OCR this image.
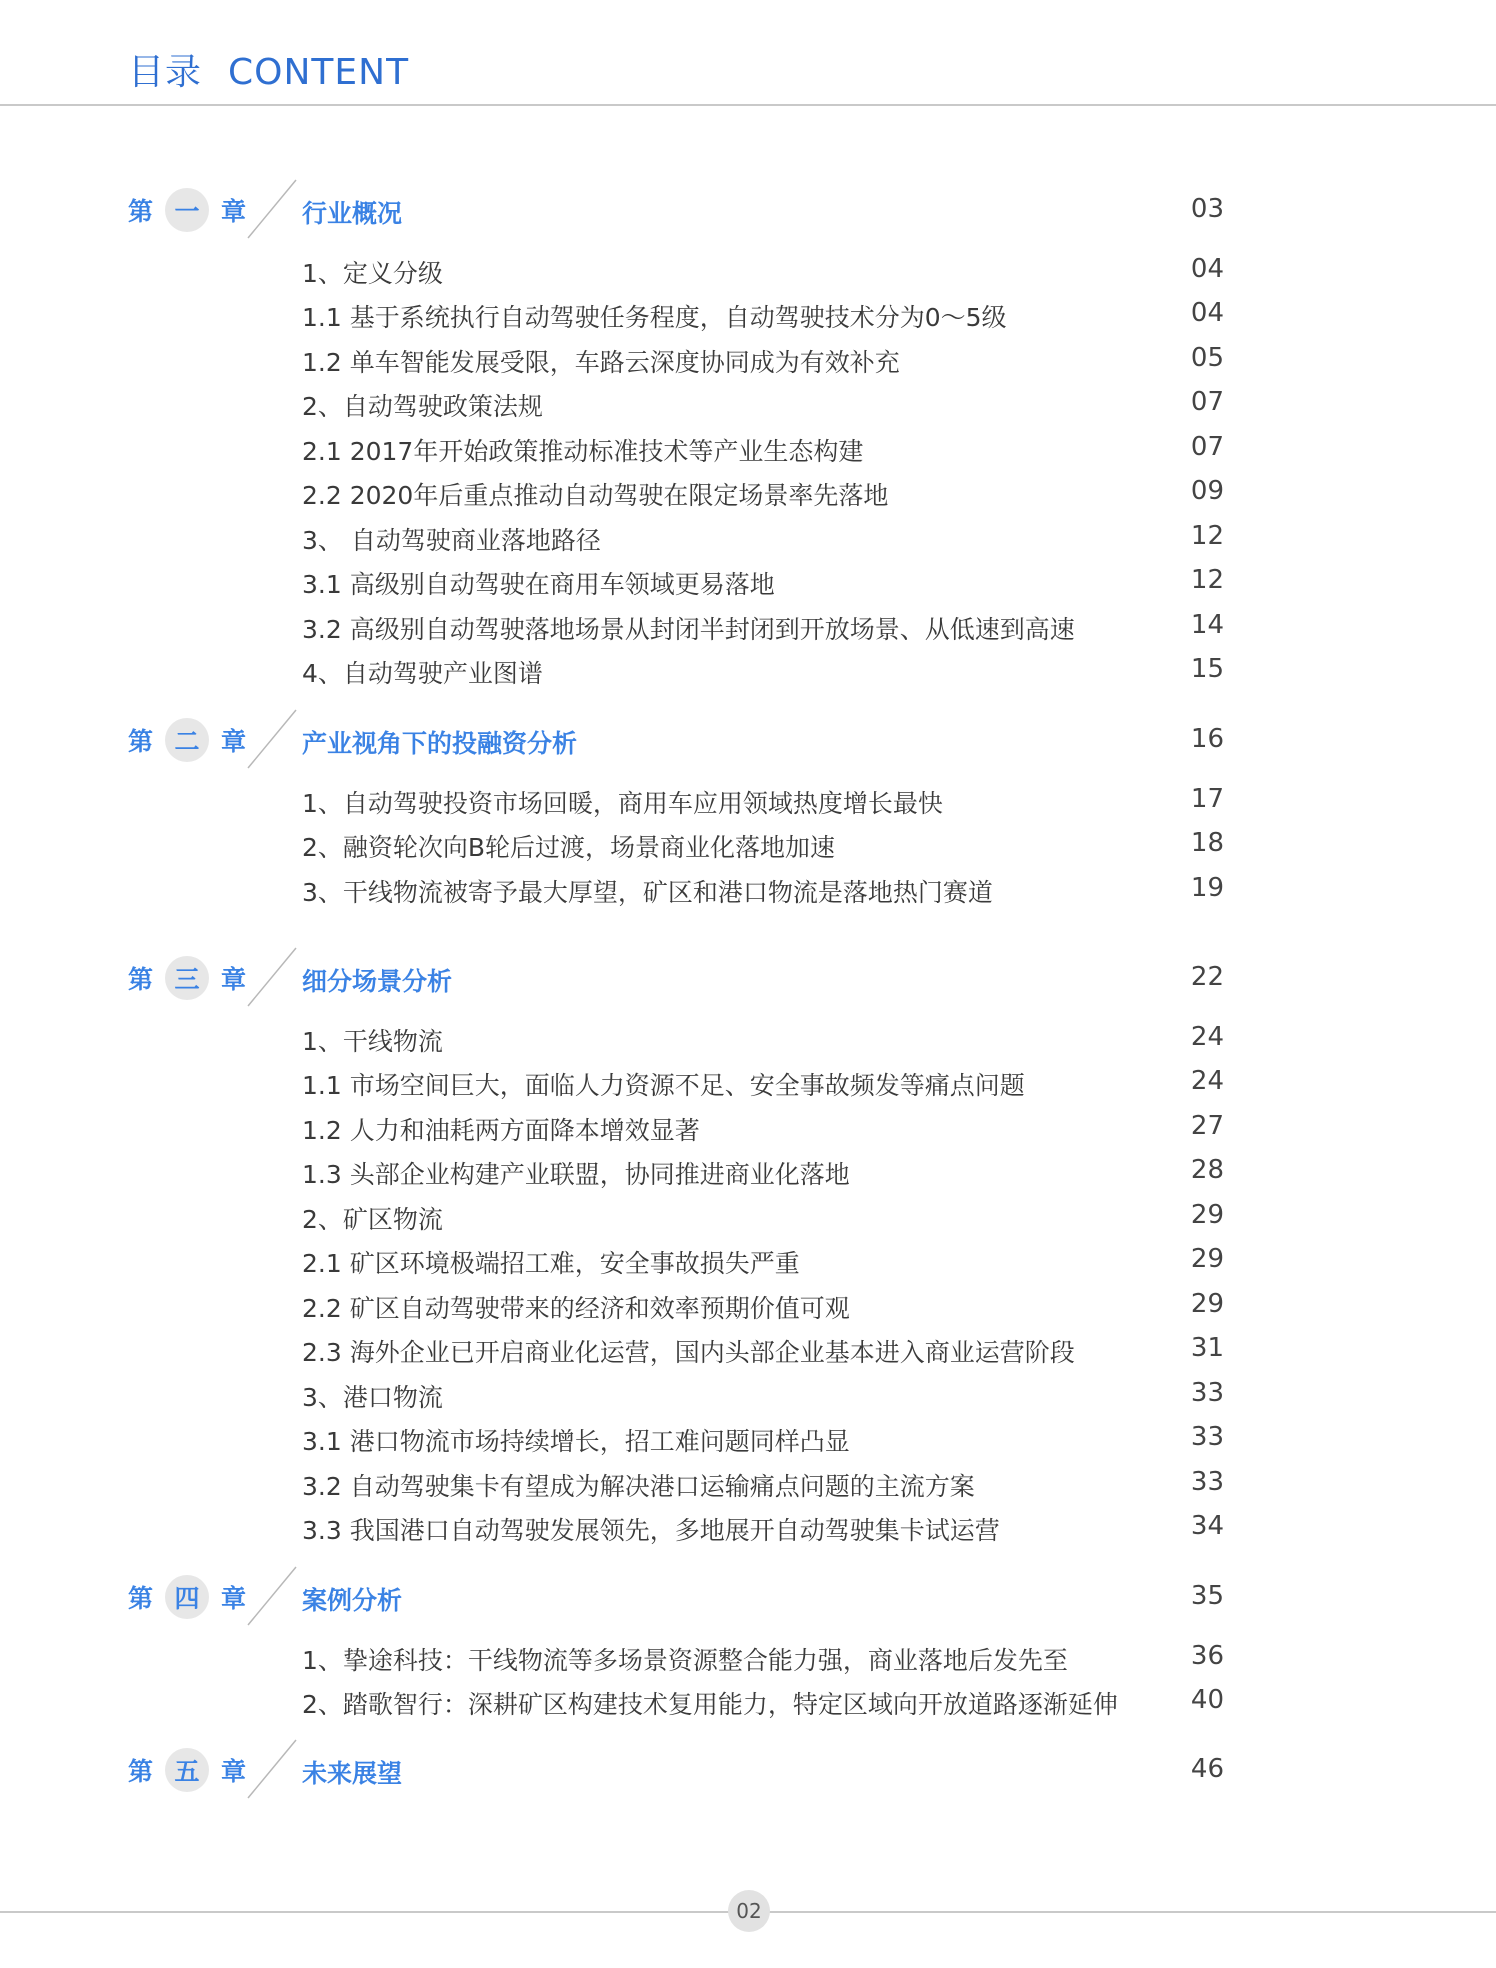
目录 CONTENT
第 一 章 行业概况	03
1、定义分级	04
1.1 基于系统执行自动驾驶任务程度，自动驾驶技术分为0～5级	04
1.2 单车智能发展受限，车路云深度协同成为有效补充	05
2、自动驾驶政策法规	07
2.1 2017年开始政策推动标准技术等产业生态构建	07
2.2 2020年后重点推动自动驾驶在限定场景率先落地	09
3、 自动驾驶商业落地路径	12
3.1 高级别自动驾驶在商用车领域更易落地	12
3.2 高级别自动驾驶落地场景从封闭半封闭到开放场景、从低速到高速	14
4、自动驾驶产业图谱	15
第 二 章 产业视角下的投融资分析	16
1、自动驾驶投资市场回暖，商用车应用领域热度增长最快	17
2、融资轮次向B轮后过渡，场景商业化落地加速	18
3、干线物流被寄予最大厚望，矿区和港口物流是落地热门赛道	19
第 三 章 细分场景分析	22
1、干线物流	24
1.1 市场空间巨大，面临人力资源不足、安全事故频发等痛点问题	24
1.2 人力和油耗两方面降本增效显著	27
1.3 头部企业构建产业联盟，协同推进商业化落地	28
2、矿区物流	29
2.1 矿区环境极端招工难，安全事故损失严重	29
2.2 矿区自动驾驶带来的经济和效率预期价值可观	29
2.3 海外企业已开启商业化运营，国内头部企业基本进入商业运营阶段	31
3、港口物流	33
3.1 港口物流市场持续增长，招工难问题同样凸显	33
3.2 自动驾驶集卡有望成为解决港口运输痛点问题的主流方案	33
3.3 我国港口自动驾驶发展领先，多地展开自动驾驶集卡试运营	34
第 四 章 案例分析	35
1、挚途科技：干线物流等多场景资源整合能力强，商业落地后发先至	36
2、踏歌智行：深耕矿区构建技术复用能力，特定区域向开放道路逐渐延伸	40
第 五 章 未来展望	46
02
